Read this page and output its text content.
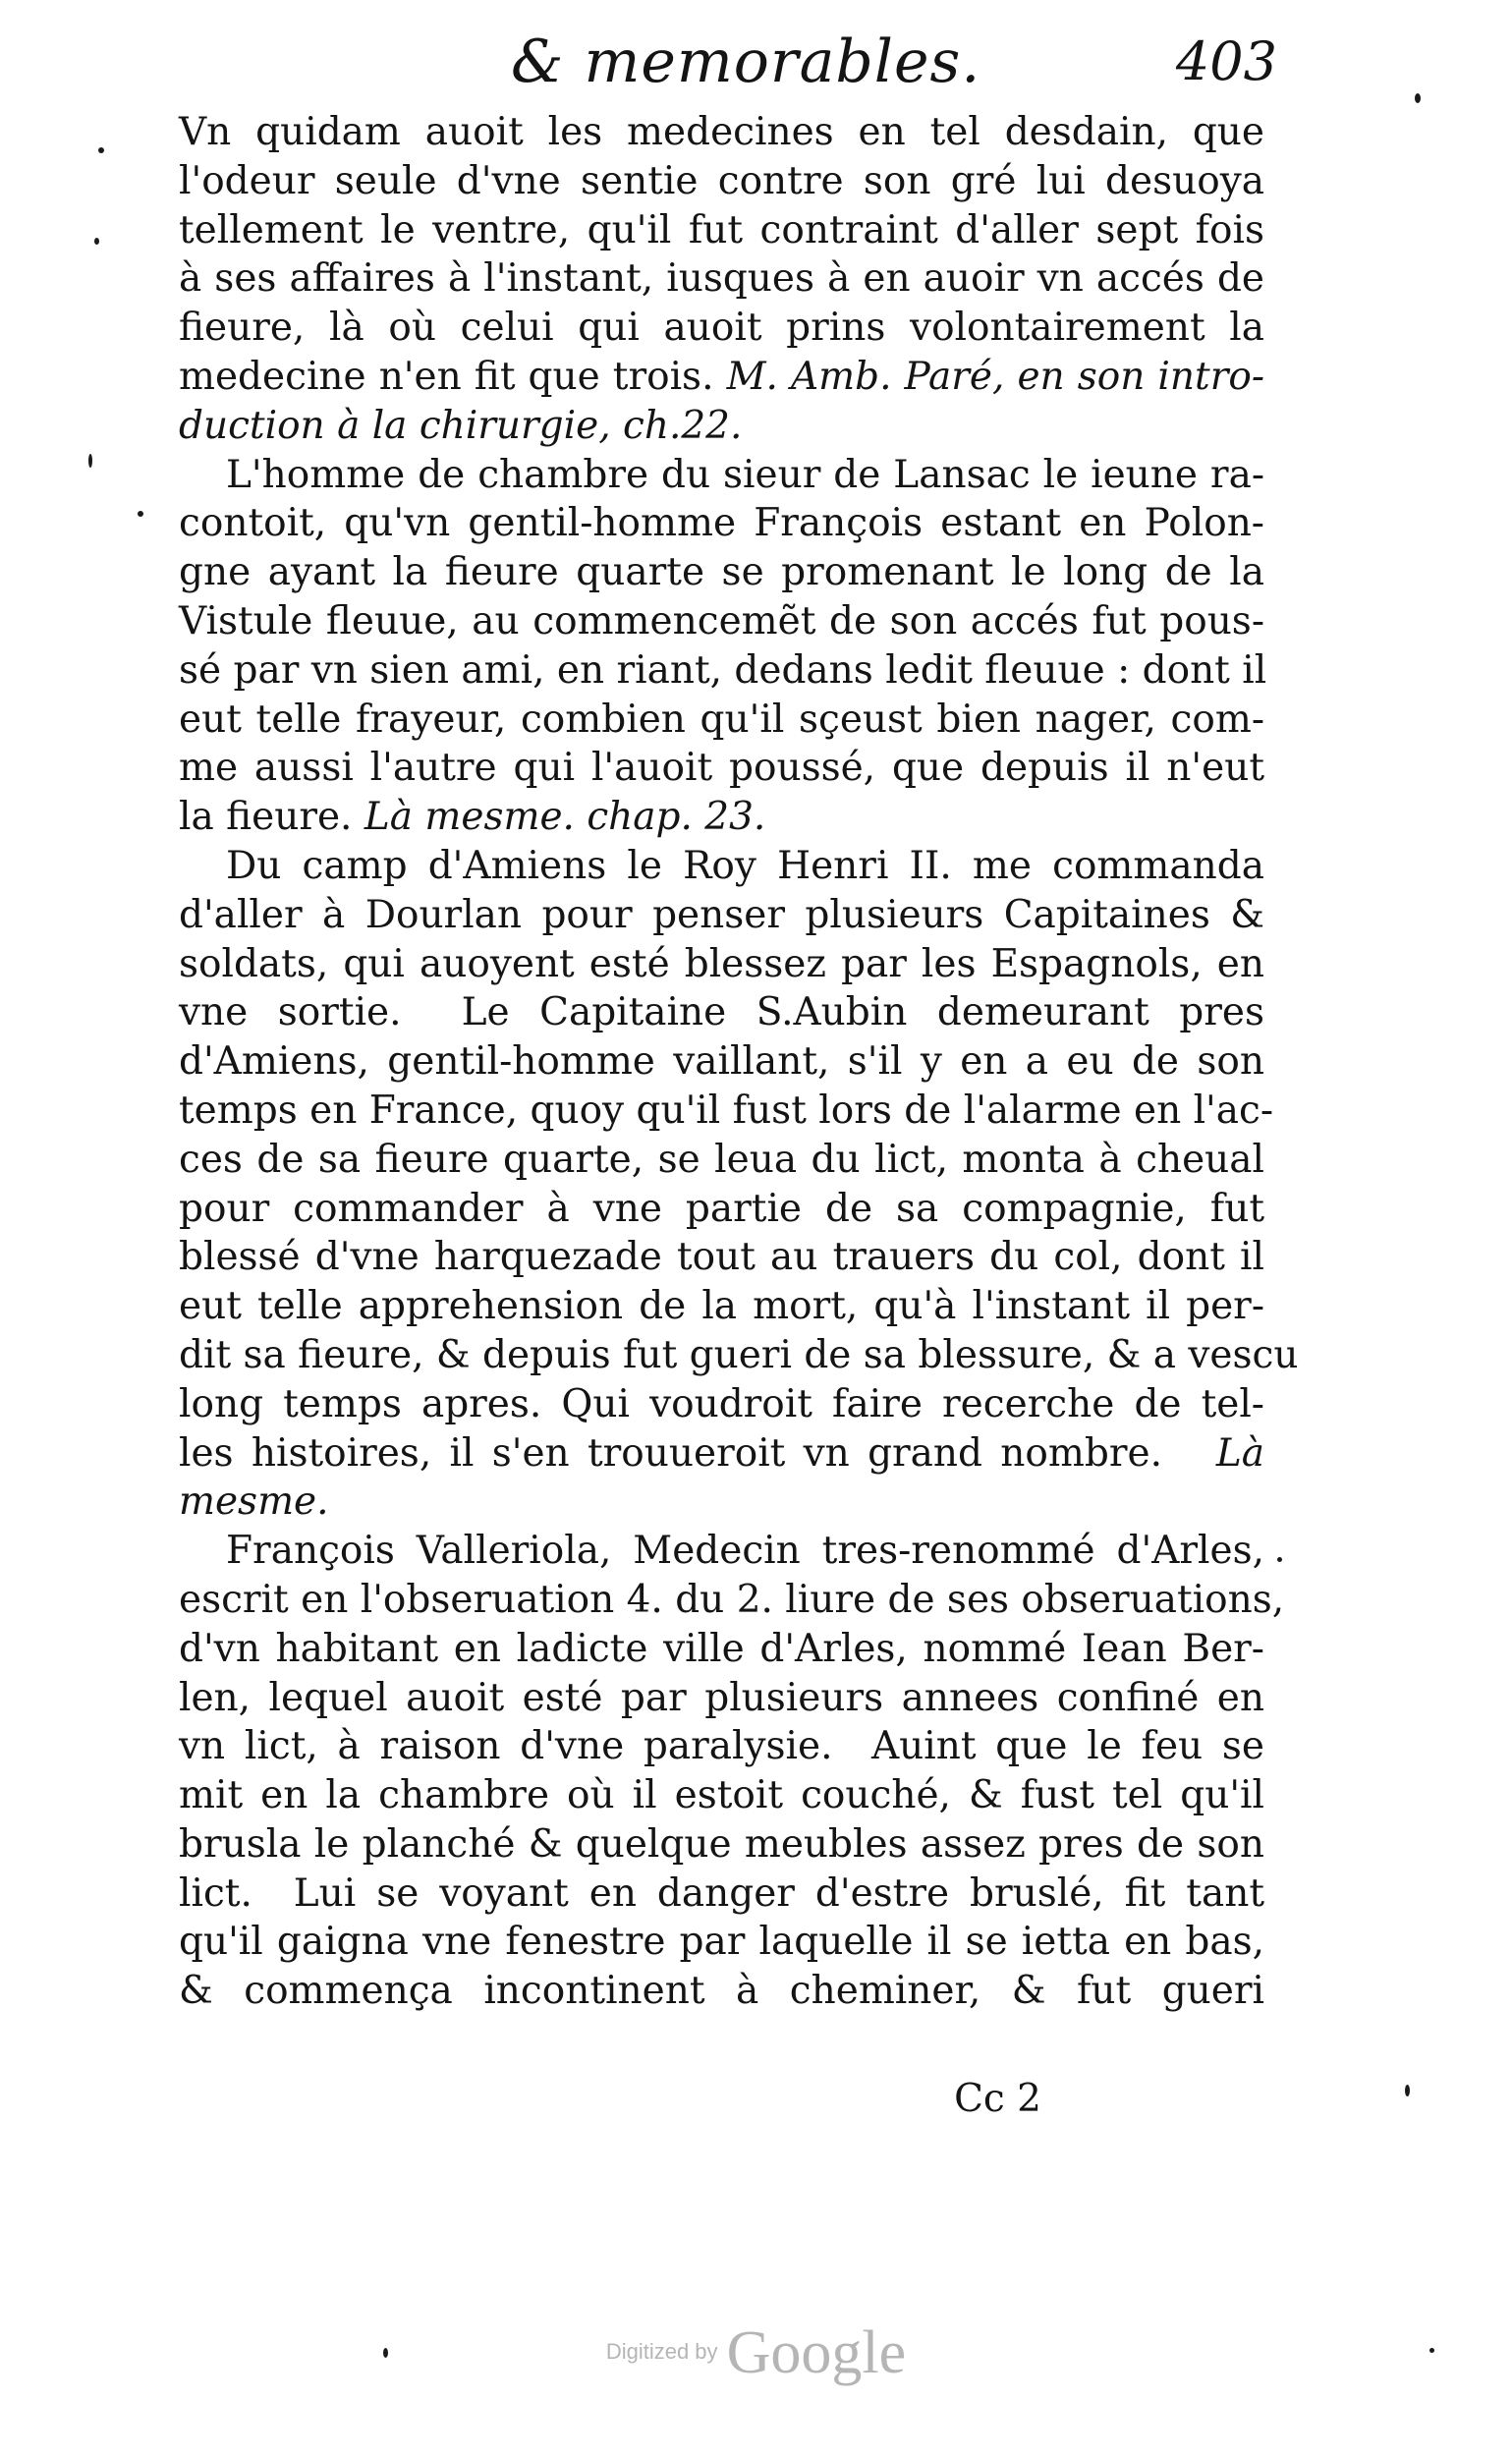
& memorables.	403
Vn quidam auoit les medecines en tel desdain, que
l'odeur seule d'vne sentie contre son gré lui desuoya
tellement le ventre, qu'il fut contraint d'aller sept fois
à ses affaires à l'instant, iusques à en auoir vn accés de
fieure, là où celui qui auoit prins volontairement la
medecine n'en fit que trois. M. Amb. Paré, en son intro-
duction à la chirurgie, ch.22.
L'homme de chambre du sieur de Lansac le ieune ra-
contoit, qu'vn gentil-homme François estant en Polon-
gne ayant la fieure quarte se promenant le long de la
Vistule fleuue, au commencemẽt de son accés fut pous-
sé par vn sien ami, en riant, dedans ledit fleuue : dont il
eut telle frayeur, combien qu'il sçeust bien nager, com-
me aussi l'autre qui l'auoit poussé, que depuis il n'eut
la fieure. Là mesme. chap. 23.
Du camp d'Amiens le Roy Henri II. me commanda
d'aller à Dourlan pour penser plusieurs Capitaines &
soldats, qui auoyent esté blessez par les Espagnols, en
vne sortie.  Le Capitaine S.Aubin demeurant pres
d'Amiens, gentil-homme vaillant, s'il y en a eu de son
temps en France, quoy qu'il fust lors de l'alarme en l'ac-
ces de sa fieure quarte, se leua du lict, monta à cheual
pour commander à vne partie de sa compagnie, fut
blessé d'vne harquezade tout au trauers du col, dont il
eut telle apprehension de la mort, qu'à l'instant il per-
dit sa fieure, & depuis fut gueri de sa blessure, & a vescu
long temps apres. Qui voudroit faire recerche de tel-
les histoires, il s'en trouueroit vn grand nombre. Là
mesme.
François Valleriola, Medecin tres-renommé d'Arles,
escrit en l'obseruation 4. du 2. liure de ses obseruations,
d'vn habitant en ladicte ville d'Arles, nommé Iean Ber-
len, lequel auoit esté par plusieurs annees confiné en
vn lict, à raison d'vne paralysie.  Auint que le feu se
mit en la chambre où il estoit couché, & fust tel qu'il
brusla le planché & quelque meubles assez pres de son
lict.  Lui se voyant en danger d'estre bruslé, fit tant
qu'il gaigna vne fenestre par laquelle il se ietta en bas,
& commença incontinent à cheminer, & fut gueri
Cc 2
Digitized by Google
